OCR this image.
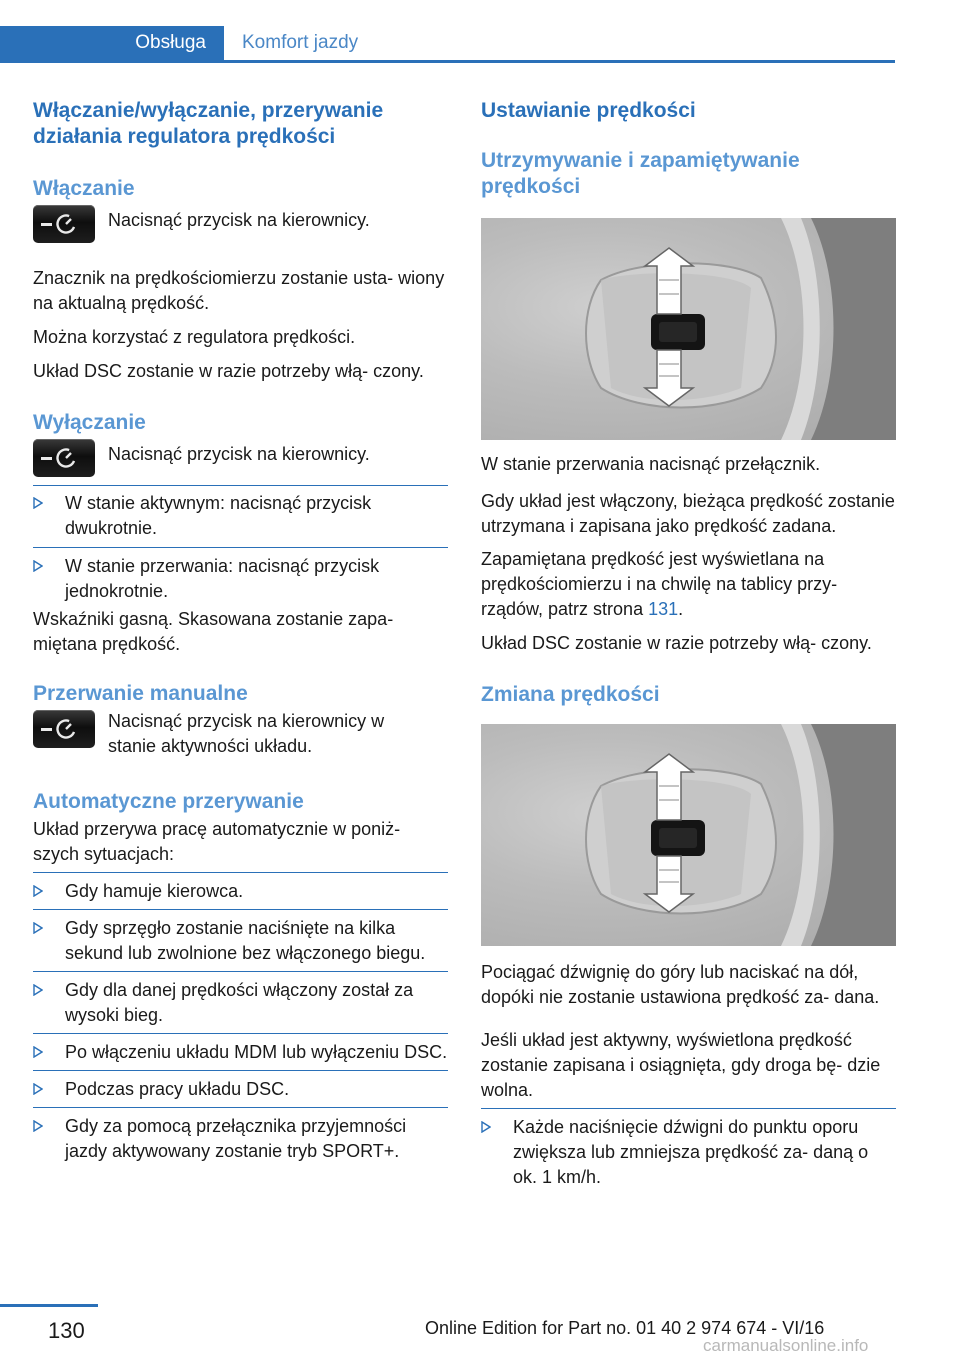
Obsługa	Komfort jazdy
Włączanie/wyłączanie, przerywanie działania regulatora prędkości
Włączanie

Nacisnąć przycisk na kierownicy.

Znacznik na prędkościomierzu zostanie usta‐ wiony na aktualną prędkość.

Można korzystać z regulatora prędkości.

Układ DSC zostanie w razie potrzeby włą‐ czony.

Wyłączanie

Nacisnąć przycisk na kierownicy.

W stanie aktywnym: nacisnąć przycisk dwukrotnie.
W stanie przerwania: nacisnąć przycisk jednokrotnie.

Wskaźniki gasną. Skasowana zostanie zapa‐ miętana prędkość.

Przerwanie manualne

Nacisnąć przycisk na kierownicy w stanie aktywności układu.

Automatyczne przerywanie

Układ przerywa pracę automatycznie w poniż‐ szych sytuacjach:

Gdy hamuje kierowca.
Gdy sprzęgło zostanie naciśnięte na kilka sekund lub zwolnione bez włączonego biegu.
Gdy dla danej prędkości włączony został za wysoki bieg.
Po włączeniu układu MDM lub wyłączeniu DSC.
Podczas pracy układu DSC.
Gdy za pomocą przełącznika przyjemności jazdy aktywowany zostanie tryb SPORT+.
Ustawianie prędkości
Utrzymywanie i zapamiętywanie prędkości

W stanie przerwania nacisnąć przełącznik.

Gdy układ jest włączony, bieżąca prędkość zostanie utrzymana i zapisana jako prędkość zadana.

Zapamiętana prędkość jest wyświetlana na prędkościomierzu i na chwilę na tablicy przy‐ rządów, patrz strona 131.

Układ DSC zostanie w razie potrzeby włą‐ czony.

Zmiana prędkości

Pociągać dźwignię do góry lub naciskać na dół, dopóki nie zostanie ustawiona prędkość za‐ dana.

Jeśli układ jest aktywny, wyświetlona prędkość zostanie zapisana i osiągnięta, gdy droga bę‐ dzie wolna.

Każde naciśnięcie dźwigni do punktu oporu zwiększa lub zmniejsza prędkość za‐ daną o ok. 1 km/h.
130	Online Edition for Part no. 01 40 2 974 674 - VI/16
carmanualsonline.info
